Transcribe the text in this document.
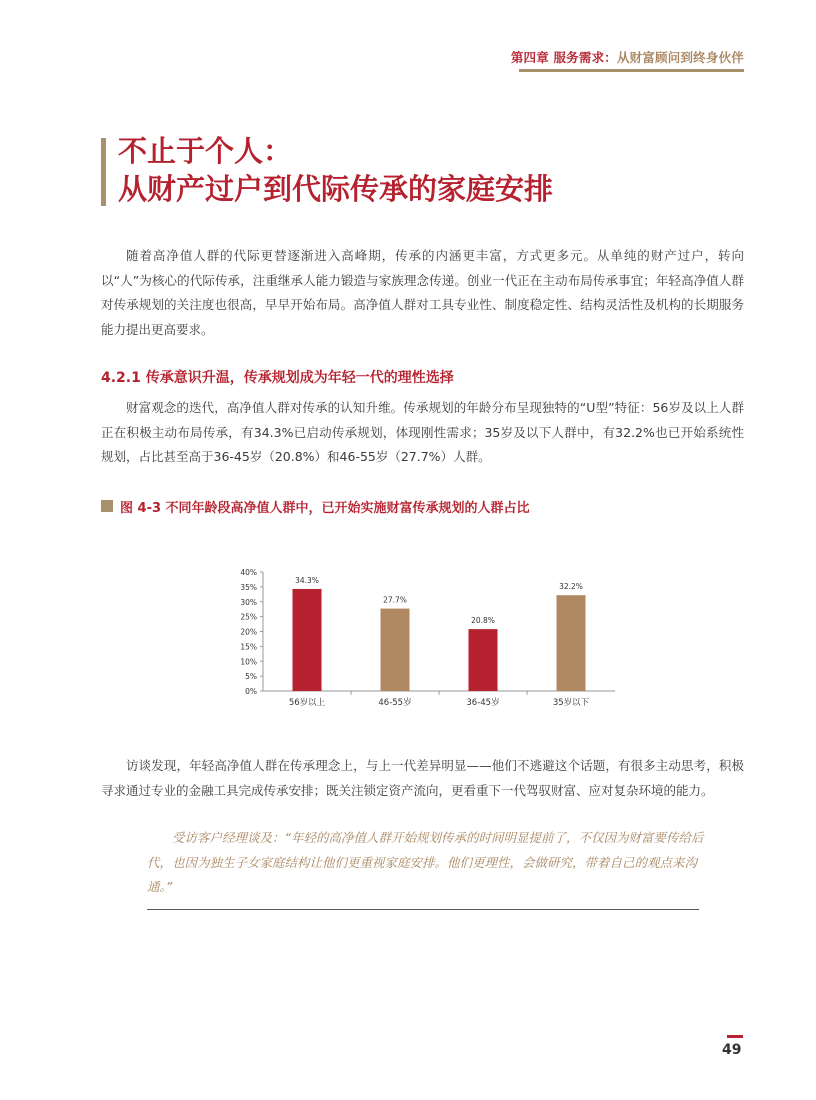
第四章 服务需求：从财富顾问到终身伙伴
不止于个人：
从财产过户到代际传承的家庭安排
随着高净值人群的代际更替逐渐进入高峰期，传承的内涵更丰富，方式更多元。从单纯的财产过户，转向以“人”为核心的代际传承，注重继承人能力锻造与家族理念传递。创业一代正在主动布局传承事宜；年轻高净值人群对传承规划的关注度也很高，早早开始布局。高净值人群对工具专业性、制度稳定性、结构灵活性及机构的长期服务能力提出更高要求。
4.2.1 传承意识升温，传承规划成为年轻一代的理性选择
财富观念的迭代，高净值人群对传承的认知升维。传承规划的年龄分布呈现独特的“U型”特征：56岁及以上人群正在积极主动布局传承，有34.3%已启动传承规划，体现刚性需求；35岁及以下人群中，有32.2%也已开始系统性规划，占比甚至高于36-45岁（20.8%）和46-55岁（27.7%）人群。
图 4-3 不同年龄段高净值人群中，已开始实施财富传承规划的人群占比
0%
5%
10%
15%
20%
25%
30%
35%
40%
34.3%
56岁以上
27.7%
46-55岁
20.8%
36-45岁
32.2%
35岁以下
访谈发现，年轻高净值人群在传承理念上，与上一代差异明显——他们不逃避这个话题，有很多主动思考，积极寻求通过专业的金融工具完成传承安排；既关注锁定资产流向，更看重下一代驾驭财富、应对复杂环境的能力。
受访客户经理谈及：“年轻的高净值人群开始规划传承的时间明显提前了，不仅因为财富要传给后代，也因为独生子女家庭结构让他们更重视家庭安排。他们更理性，会做研究，带着自己的观点来沟通。”
49
